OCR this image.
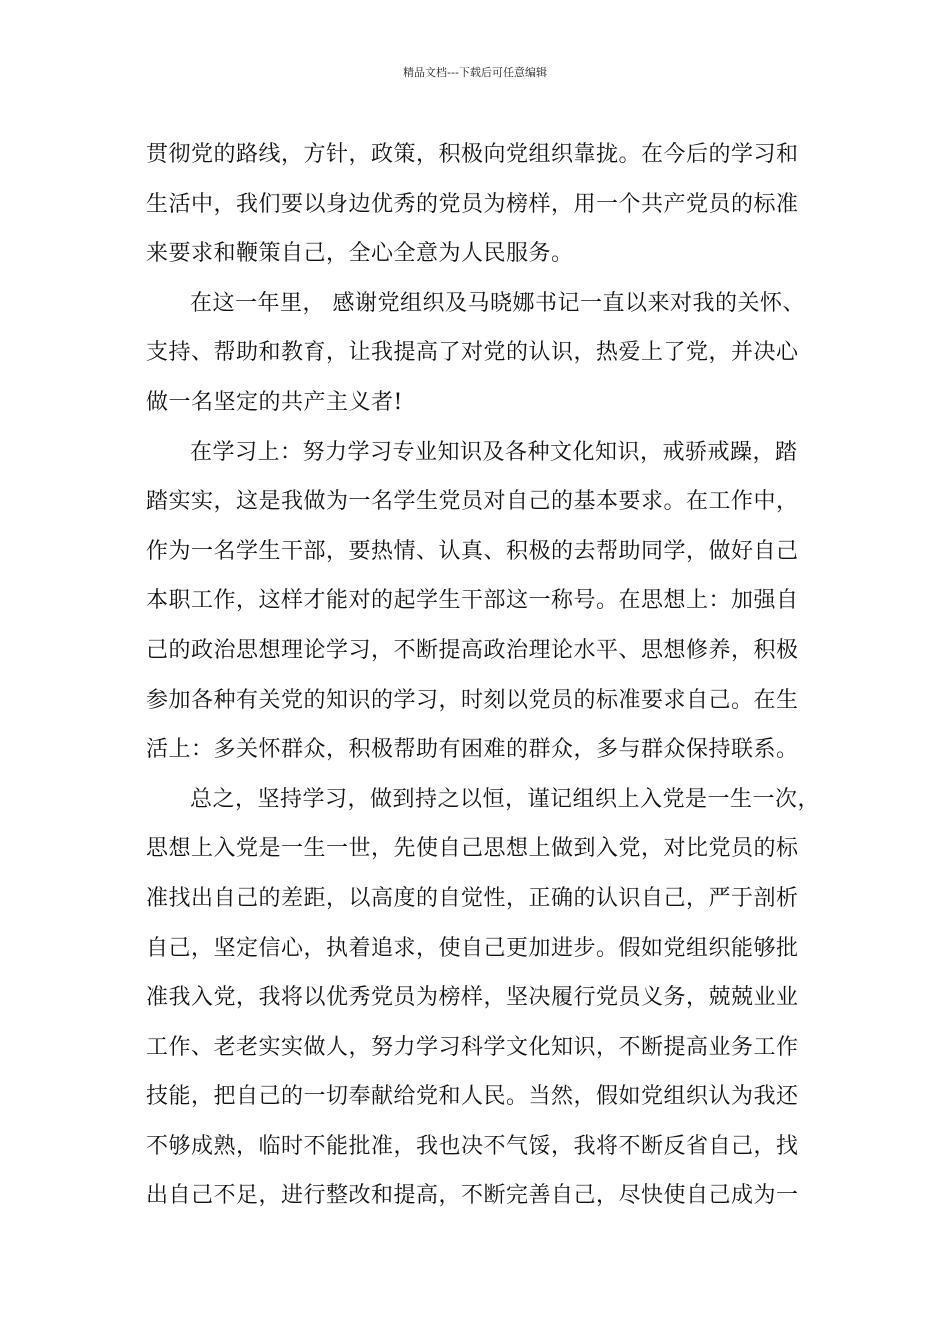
精品文档---下载后可任意编辑
贯彻党的路线，方针，政策，积极向党组织靠拢。在今后的学习和
生活中，我们要以身边优秀的党员为榜样，用一个共产党员的标准
来要求和鞭策自己，全心全意为人民服务。
在这一年里， 感谢党组织及马晓娜书记一直以来对我的关怀、
支持、帮助和教育，让我提高了对党的认识，热爱上了党，并决心
做一名坚定的共产主义者!
在学习上：努力学习专业知识及各种文化知识，戒骄戒躁，踏
踏实实，这是我做为一名学生党员对自己的基本要求。在工作中，
作为一名学生干部，要热情、认真、积极的去帮助同学，做好自己
本职工作，这样才能对的起学生干部这一称号。在思想上：加强自
己的政治思想理论学习，不断提高政治理论水平、思想修养，积极
参加各种有关党的知识的学习，时刻以党员的标准要求自己。在生
活上：多关怀群众，积极帮助有困难的群众，多与群众保持联系。
总之，坚持学习，做到持之以恒，谨记组织上入党是一生一次，
思想上入党是一生一世，先使自己思想上做到入党，对比党员的标
准找出自己的差距，以高度的自觉性，正确的认识自己，严于剖析
自己，坚定信心，执着追求，使自己更加进步。假如党组织能够批
准我入党，我将以优秀党员为榜样，坚决履行党员义务，兢兢业业
工作、老老实实做人，努力学习科学文化知识，不断提高业务工作
技能，把自己的一切奉献给党和人民。当然，假如党组织认为我还
不够成熟，临时不能批准，我也决不气馁，我将不断反省自己，找
出自己不足，进行整改和提高，不断完善自己，尽快使自己成为一
